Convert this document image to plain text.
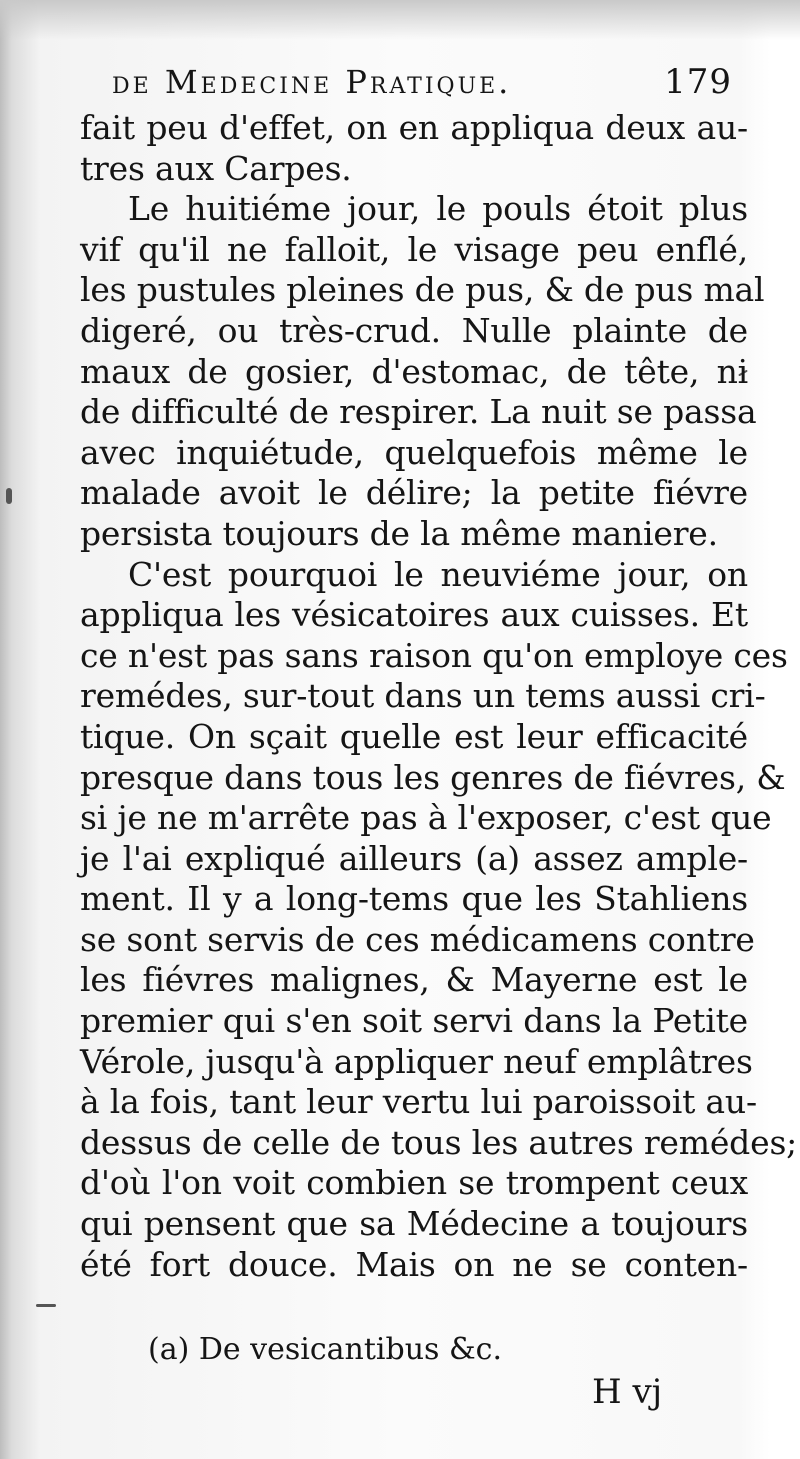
de Medecine Pratique.	179
fait peu d'effet, on en appliqua deux au-
tres aux Carpes.
Le huitiéme jour, le pouls étoit plus
vif qu'il ne falloit, le visage peu enflé,
les pustules pleines de pus, & de pus mal
digeré, ou très-crud. Nulle plainte de
maux de gosier, d'estomac, de tête, ni
de difficulté de respirer. La nuit se passa
avec inquiétude, quelquefois même le
malade avoit le délire; la petite fiévre
persista toujours de la même maniere.
C'est pourquoi le neuviéme jour, on
appliqua les vésicatoires aux cuisses. Et
ce n'est pas sans raison qu'on employe ces
remédes, sur-tout dans un tems aussi cri-
tique. On sçait quelle est leur efficacité
presque dans tous les genres de fiévres, &
si je ne m'arrête pas à l'exposer, c'est que
je l'ai expliqué ailleurs (a) assez ample-
ment. Il y a long-tems que les Stahliens
se sont servis de ces médicamens contre
les fiévres malignes, & Mayerne est le
premier qui s'en soit servi dans la Petite
Vérole, jusqu'à appliquer neuf emplâtres
à la fois, tant leur vertu lui paroissoit au-
dessus de celle de tous les autres remédes;
d'où l'on voit combien se trompent ceux
qui pensent que sa Médecine a toujours
été fort douce. Mais on ne se conten-
(a) De vesicantibus &c.
H vj
